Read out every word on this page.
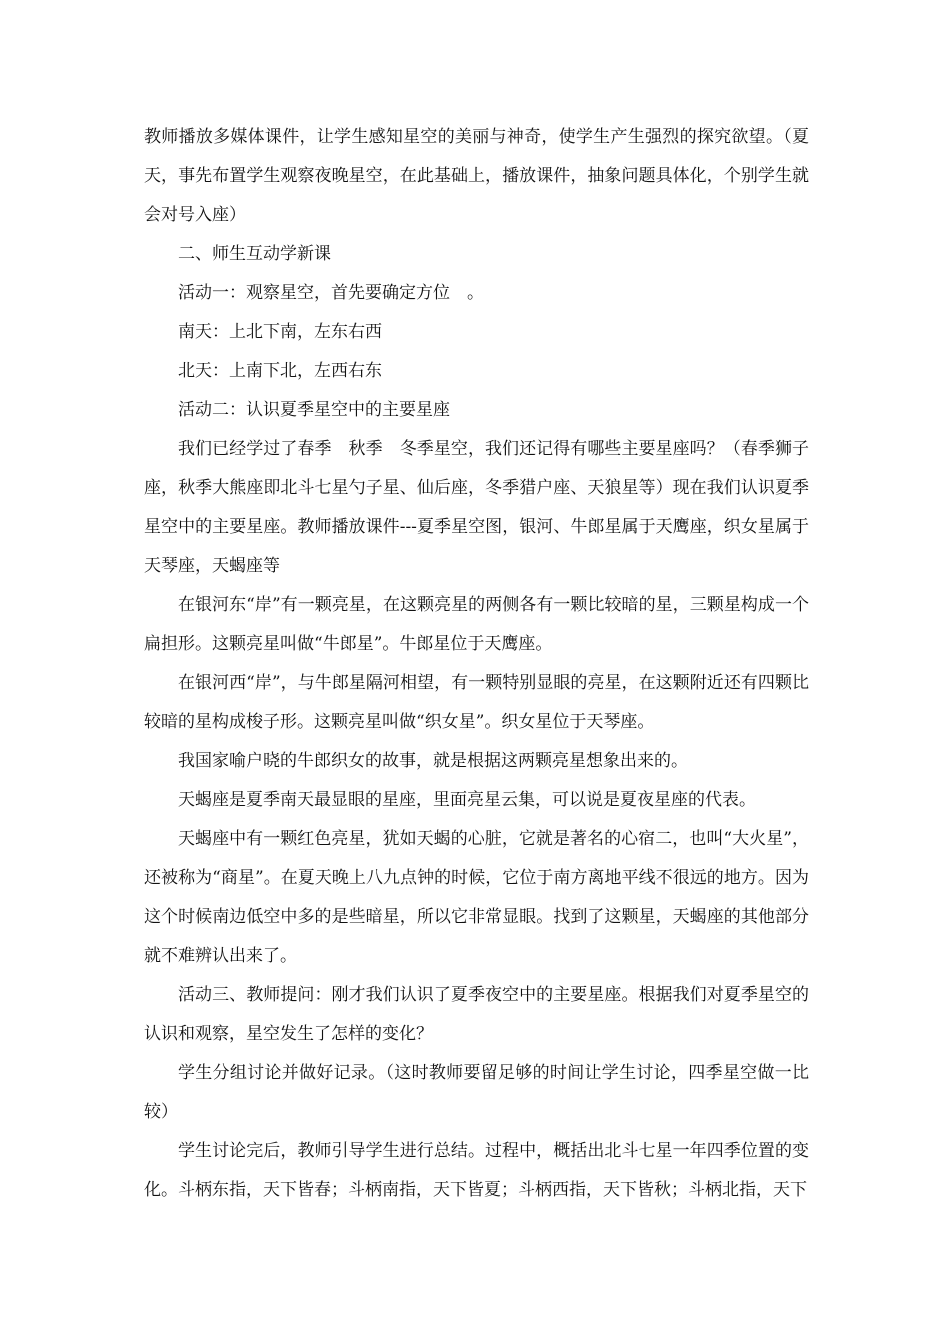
教师播放多媒体课件，让学生感知星空的美丽与神奇，使学生产生强烈的探究欲望。（夏天，事先布置学生观察夜晚星空，在此基础上，播放课件，抽象问题具体化，个别学生就会对号入座）

二、师生互动学新课

活动一：观察星空，首先要确定方位　。

南天：上北下南，左东右西

北天：上南下北，左西右东

活动二：认识夏季星空中的主要星座

我们已经学过了春季　秋季　冬季星空，我们还记得有哪些主要星座吗？（春季狮子座，秋季大熊座即北斗七星勺子星、仙后座，冬季猎户座、天狼星等）现在我们认识夏季星空中的主要星座。教师播放课件---夏季星空图，银河、牛郎星属于天鹰座，织女星属于天琴座，天蝎座等

在银河东“岸”有一颗亮星，在这颗亮星的两侧各有一颗比较暗的星，三颗星构成一个扁担形。这颗亮星叫做“牛郎星”。牛郎星位于天鹰座。

在银河西“岸”，与牛郎星隔河相望，有一颗特别显眼的亮星，在这颗附近还有四颗比较暗的星构成梭子形。这颗亮星叫做“织女星”。织女星位于天琴座。

我国家喻户晓的牛郎织女的故事，就是根据这两颗亮星想象出来的。

天蝎座是夏季南天最显眼的星座，里面亮星云集，可以说是夏夜星座的代表。

天蝎座中有一颗红色亮星，犹如天蝎的心脏，它就是著名的心宿二，也叫“大火星”，还被称为“商星”。在夏天晚上八九点钟的时候，它位于南方离地平线不很远的地方。因为这个时候南边低空中多的是些暗星，所以它非常显眼。找到了这颗星，天蝎座的其他部分就不难辨认出来了。

活动三、教师提问：刚才我们认识了夏季夜空中的主要星座。根据我们对夏季星空的认识和观察，星空发生了怎样的变化？

学生分组讨论并做好记录。（这时教师要留足够的时间让学生讨论，四季星空做一比较）

学生讨论完后，教师引导学生进行总结。过程中，概括出北斗七星一年四季位置的变化。斗柄东指，天下皆春；斗柄南指，天下皆夏；斗柄西指，天下皆秋；斗柄北指，天下
